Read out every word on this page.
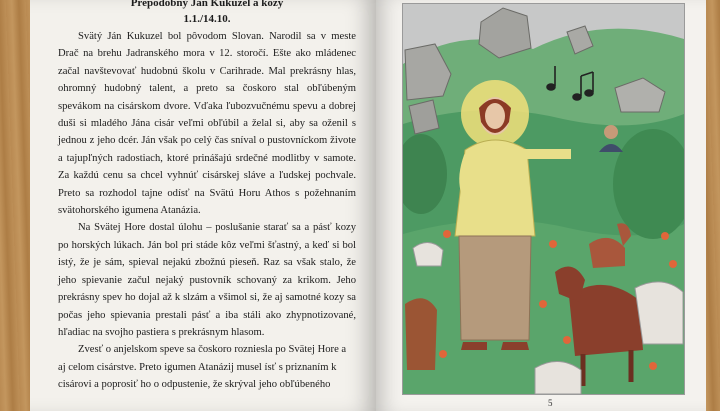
Prepodobný Ján Kukuzel a kozy
1.1./14.10.

Svätý Ján Kukuzel bol pôvodom Slovan. Narodil sa v meste Drač na brehu Jadranského mora v 12. storočí. Ešte ako mládenec začal navštevovať hudobnú školu v Carihrade. Mal prekrásny hlas, ohromný hudobný talent, a preto sa čoskoro stal obľúbeným spevákom na cisárskom dvore. Vďaka ľubozvučnému spevu a dobrej duši si mladého Jána cisár veľmi obľúbil a želal si, aby sa oženil s jednou z jeho dcér. Ján však po celý čas sníval o pustovníckom živote a tajupľných radostiach, ktoré prinášajú srdečné modlitby v samote. Za každú cenu sa chcel vyhnúť cisárskej sláve a ľudskej pochvale. Preto sa rozhodol tajne odísť na Svätú Horu Athos s požehnaním svätohorského igumena Atanázia.

Na Svätej Hore dostal úlohu – poslušanie starať sa a pásť kozy po horských lúkach. Ján bol pri stáde kôz veľmi šťastný, a keď si bol istý, že je sám, spieval nejakú zbožnú pieseň. Raz sa však stalo, že jeho spievanie začul nejaký pustovník schovaný za krikom. Jeho prekrásny spev ho dojal až k slzám a všimol si, že aj samotné kozy sa počas jeho spievania prestali pásť a iba stáli ako zhypnotizované, hľadiac na svojho pastiera s prekrásnym hlasom.

Zvesť o anjelskom speve sa čoskoro rozniesla po Svätej Hore a aj celom cisárstve. Preto igumen Atanázij musel ísť s priznaním k cisárovi a poprosiť ho o odpustenie, že skrýval jeho obľúbeného

5
